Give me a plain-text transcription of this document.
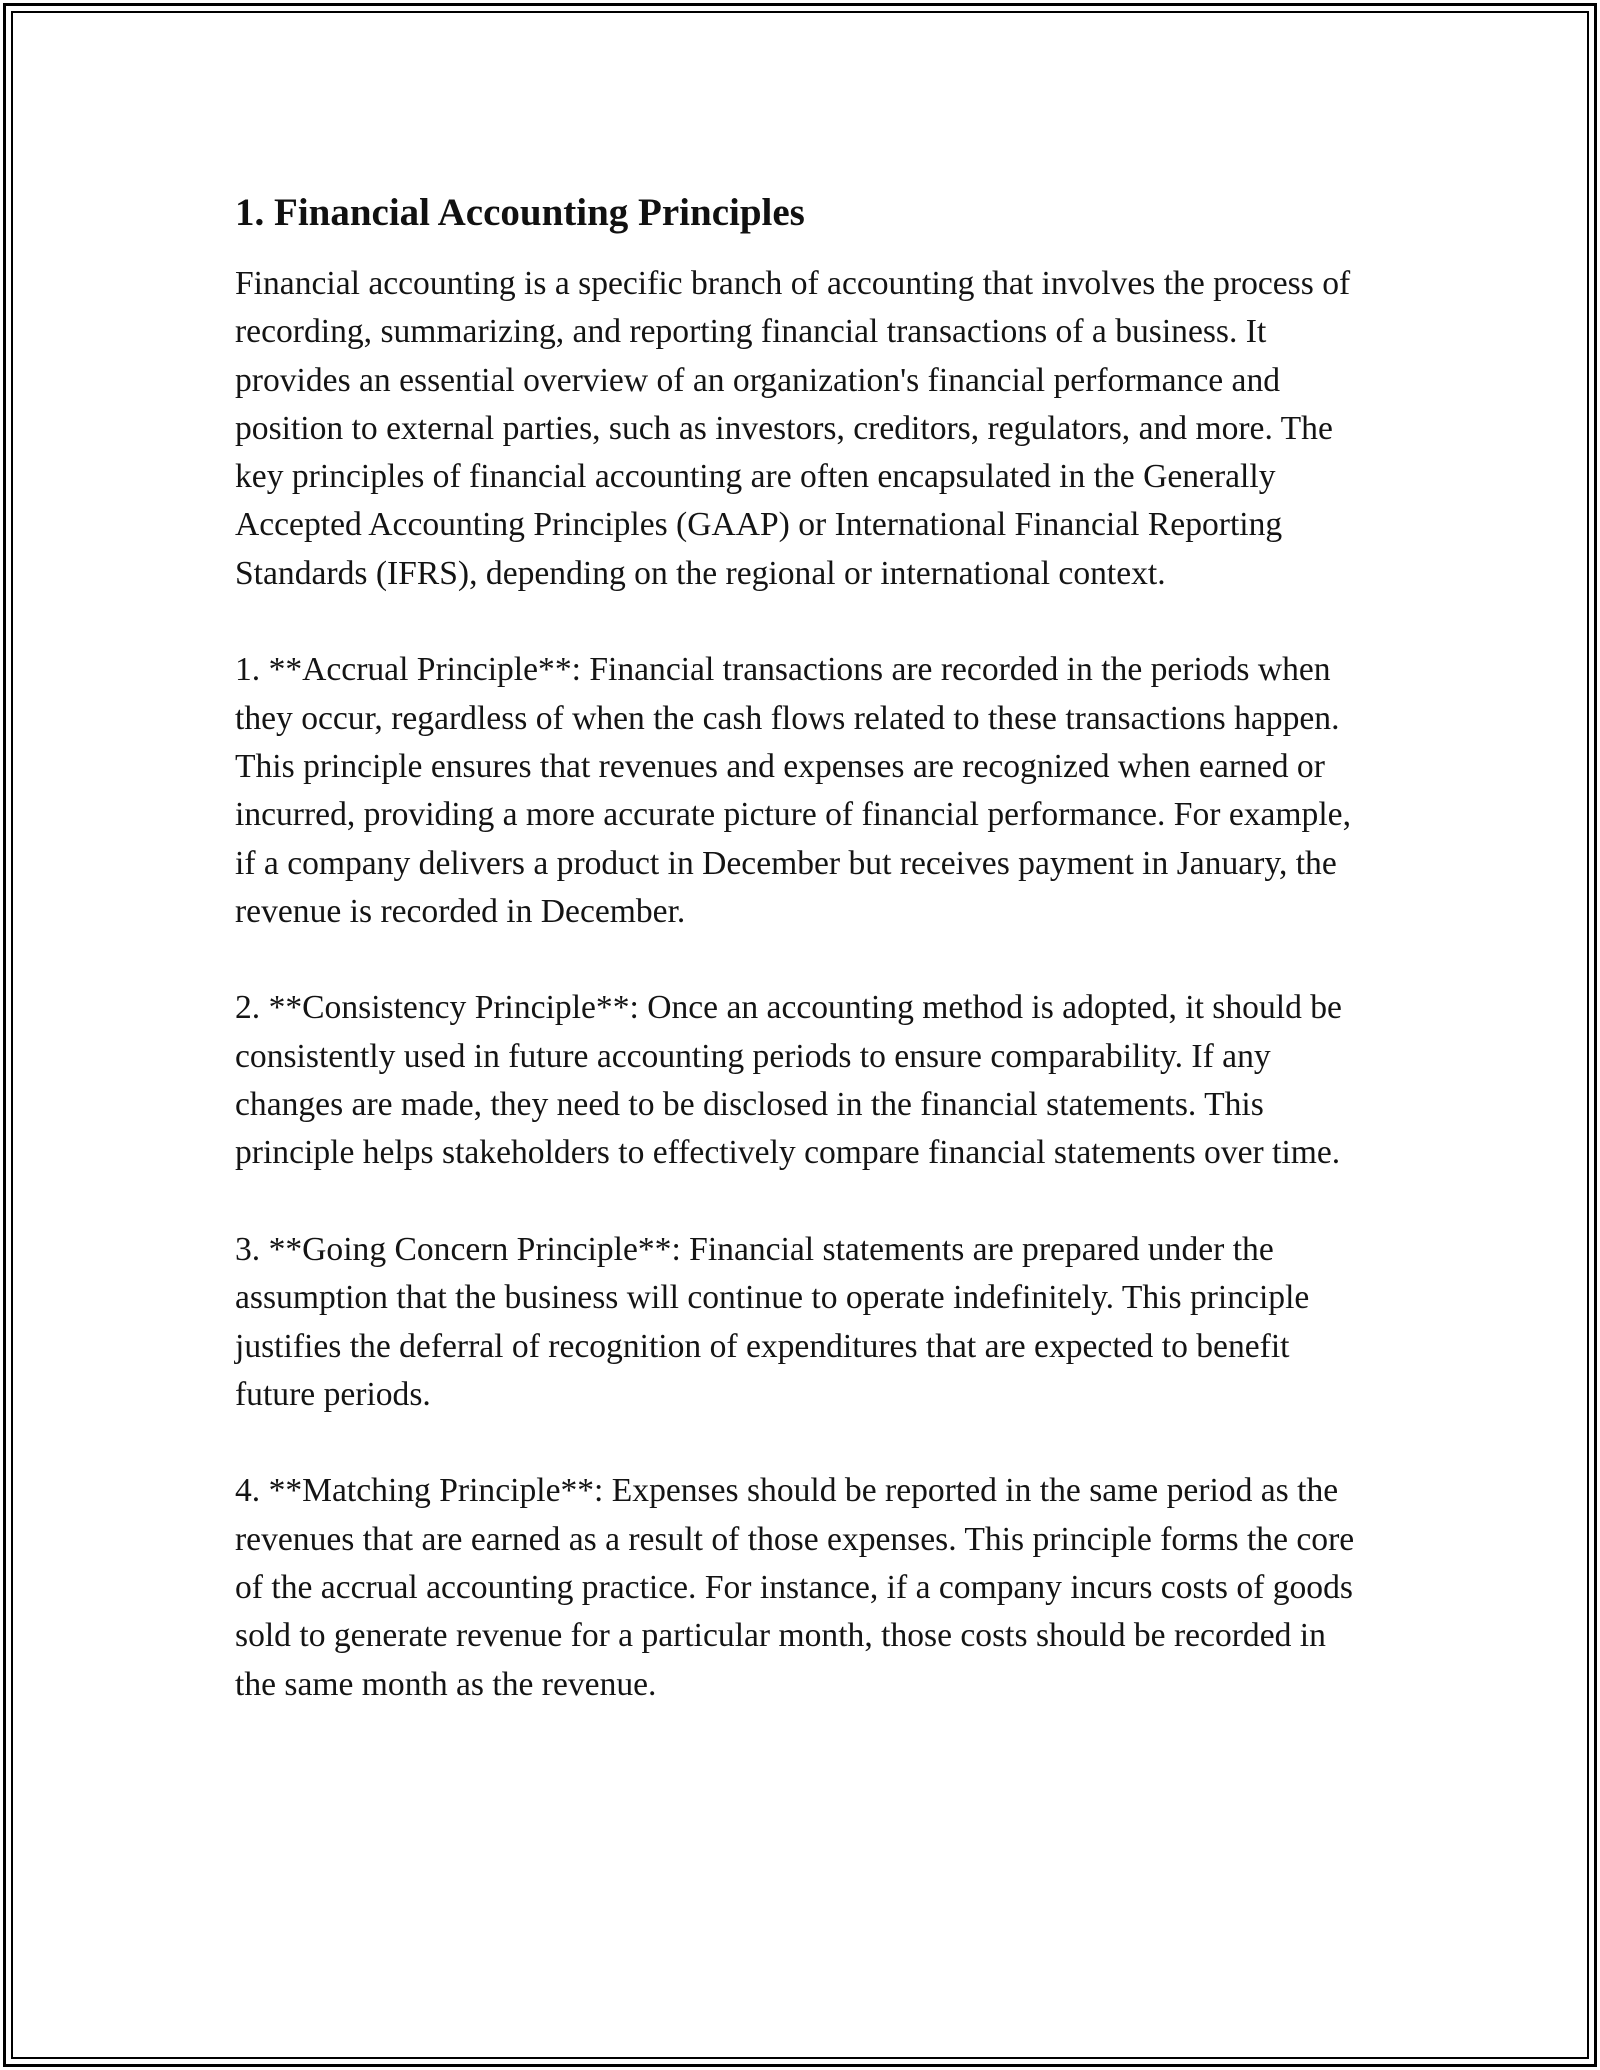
1. Financial Accounting Principles

Financial accounting is a specific branch of accounting that involves the process of recording, summarizing, and reporting financial transactions of a business. It provides an essential overview of an organization's financial performance and position to external parties, such as investors, creditors, regulators, and more. The key principles of financial accounting are often encapsulated in the Generally Accepted Accounting Principles (GAAP) or International Financial Reporting Standards (IFRS), depending on the regional or international context.

1. **Accrual Principle**: Financial transactions are recorded in the periods when they occur, regardless of when the cash flows related to these transactions happen. This principle ensures that revenues and expenses are recognized when earned or incurred, providing a more accurate picture of financial performance. For example, if a company delivers a product in December but receives payment in January, the revenue is recorded in December.

2. **Consistency Principle**: Once an accounting method is adopted, it should be consistently used in future accounting periods to ensure comparability. If any changes are made, they need to be disclosed in the financial statements. This principle helps stakeholders to effectively compare financial statements over time.

3. **Going Concern Principle**: Financial statements are prepared under the assumption that the business will continue to operate indefinitely. This principle justifies the deferral of recognition of expenditures that are expected to benefit future periods.

4. **Matching Principle**: Expenses should be reported in the same period as the revenues that are earned as a result of those expenses. This principle forms the core of the accrual accounting practice. For instance, if a company incurs costs of goods sold to generate revenue for a particular month, those costs should be recorded in the same month as the revenue.
